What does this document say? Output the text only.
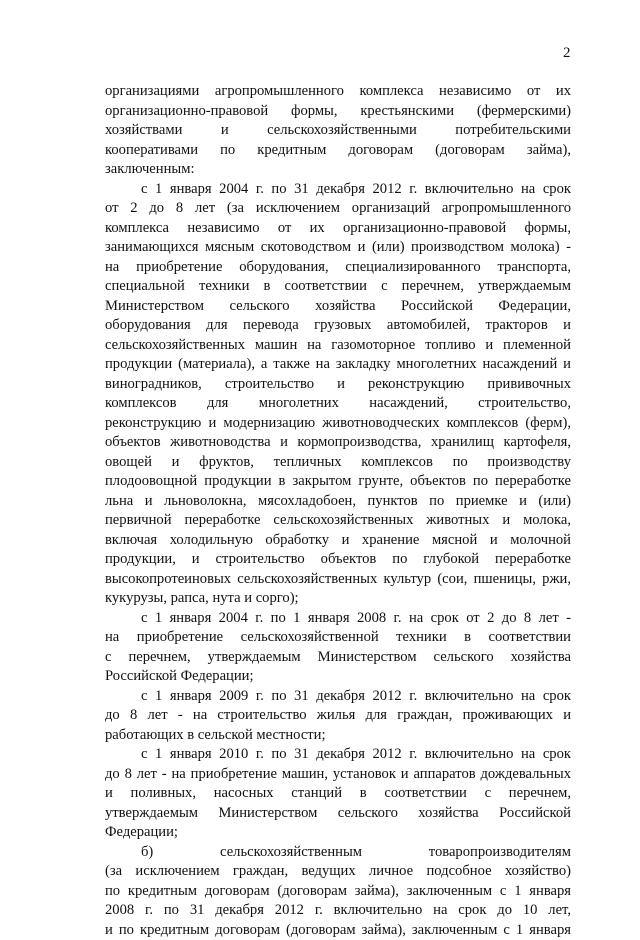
2
организациями агропромышленного комплекса независимо от их
организационно-правовой формы, крестьянскими (фермерскими)
хозяйствами и сельскохозяйственными потребительскими
кооперативами по кредитным договорам (договорам займа),
заключенным:
с 1 января 2004 г. по 31 декабря 2012 г. включительно на срок
от 2 до 8 лет (за исключением организаций агропромышленного
комплекса независимо от их организационно-правовой формы,
занимающихся мясным скотоводством и (или) производством молока) -
на приобретение оборудования, специализированного транспорта,
специальной техники в соответствии с перечнем, утверждаемым
Министерством сельского хозяйства Российской Федерации,
оборудования для перевода грузовых автомобилей, тракторов и
сельскохозяйственных машин на газомоторное топливо и племенной
продукции (материала), а также на закладку многолетних насаждений и
виноградников, строительство и реконструкцию прививочных
комплексов для многолетних насаждений, строительство,
реконструкцию и модернизацию животноводческих комплексов (ферм),
объектов животноводства и кормопроизводства, хранилищ картофеля,
овощей и фруктов, тепличных комплексов по производству
плодоовощной продукции в закрытом грунте, объектов по переработке
льна и льноволокна, мясохладобоен, пунктов по приемке и (или)
первичной переработке сельскохозяйственных животных и молока,
включая холодильную обработку и хранение мясной и молочной
продукции, и строительство объектов по глубокой переработке
высокопротеиновых сельскохозяйственных культур (сои, пшеницы, ржи,
кукурузы, рапса, нута и сорго);
с 1 января 2004 г. по 1 января 2008 г. на срок от 2 до 8 лет -
на приобретение сельскохозяйственной техники в соответствии
с перечнем, утверждаемым Министерством сельского хозяйства
Российской Федерации;
с 1 января 2009 г. по 31 декабря 2012 г. включительно на срок
до 8 лет - на строительство жилья для граждан, проживающих и
работающих в сельской местности;
с 1 января 2010 г. по 31 декабря 2012 г. включительно на срок
до 8 лет - на приобретение машин, установок и аппаратов дождевальных
и поливных, насосных станций в соответствии с перечнем,
утверждаемым Министерством сельского хозяйства Российской
Федерации;
б) сельскохозяйственным товаропроизводителям
(за исключением граждан, ведущих личное подсобное хозяйство)
по кредитным договорам (договорам займа), заключенным с 1 января
2008 г. по 31 декабря 2012 г. включительно на срок до 10 лет,
и по кредитным договорам (договорам займа), заключенным с 1 января
